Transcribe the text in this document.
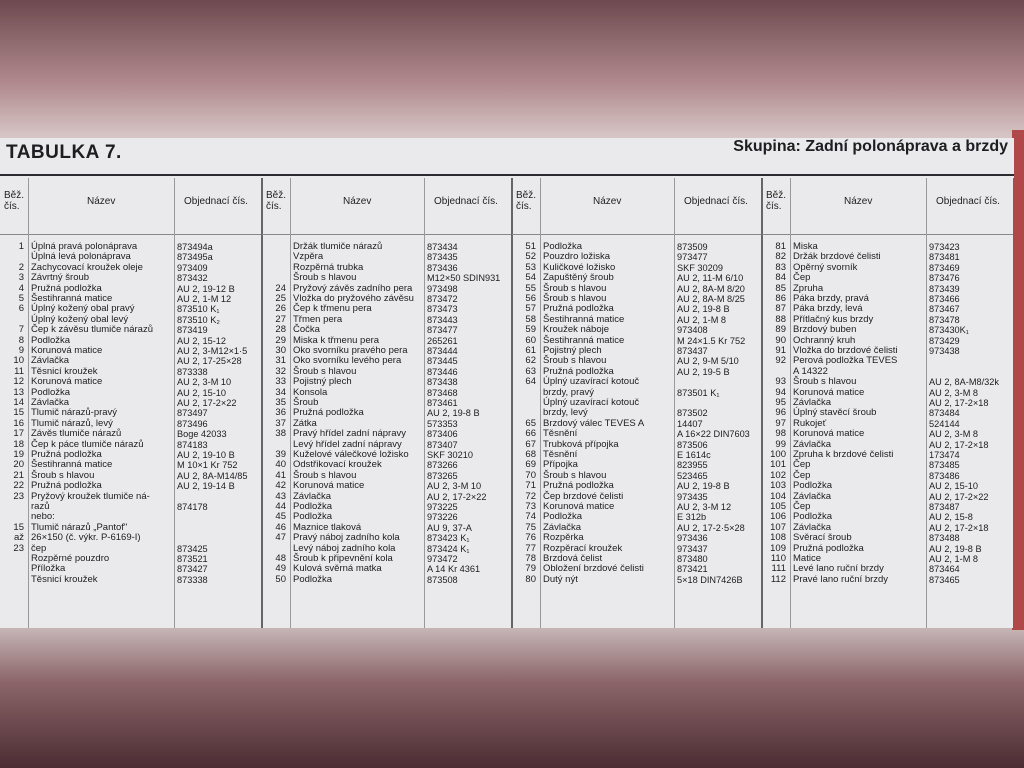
TABULKA 7.	Skupina: Zadní polonáprava a brzdy
Běž. čís.	Název	Objednací čís.
1 Úplná pravá polonáprava	873494a
Úplná levá polonáprava	873495a
2 Zachycovací kroužek oleje	973409
3 Závrtný šroub	873432
4 Pružná podložka	AU 2, 19-12 B
5 Šestihranná matice	AU 2, 1-M 12
6 Úplný kožený obal pravý	873510 K₁
Úplný kožený obal levý	873510 K₂
7 Čep k závěsu tlumiče nárazů	873419
8 Podložka	AU 2, 15-12
9 Korunová matice	AU 2, 3-M12×1·5
10 Závlačka	AU 2, 17-25×28
11 Těsnicí kroužek	873338
12 Korunová matice	AU 2, 3-M 10
13 Podložka	AU 2, 15-10
14 Závlačka	AU 2, 17-2×22
15 Tlumič nárazů-pravý	873497
16 Tlumič nárazů, levý	873496
17 Závěs tlumiče nárazů	Boge 42033
18 Čep k páce tlumiče nárazů	874183
19 Pružná podložka	AU 2, 19-10 B
20 Šestihranná matice	M 10×1 Kr 752
21 Šroub s hlavou	AU 2, 8A-M14/85
22 Pružná podložka	AU 2, 19-14 B
23 Pryžový kroužek tlumiče ná-
razů	874178
nebo:
15 Tlumič nárazů „Pantof"
až 26×150 (č. výkr. P-6169-I)
23 čep	873425
Rozpěrné pouzdro	873521
Příložka	873427
Těsnicí kroužek	873338
Běž. čís.	Název	Objednací čís.
Držák tlumiče nárazů	873434
Vzpěra	873435
Rozpěrná trubka	873436
Šroub s hlavou	M12×50 SDIN931
24 Pryžový závěs zadního pera 973498
25 Vložka do pryžového závěsu 873472
26 Čep k třmenu pera	873473
27 Třmen pera	873443
28 Čočka	873477
29 Miska k třmenu pera	265261
30 Oko svorníku pravého pera 873444
31 Oko svorníku levého pera	873445
32 Šroub s hlavou	873446
33 Pojistný plech	873438
34 Konsola	873468
35 Šroub	873461
36 Pružná podložka	AU 2, 19-8 B
37 Zátka	573353
38 Pravý hřídel zadní nápravy 873406
Levý hřídel zadní nápravy	873407
39 Kuželové válečkové ložisko SKF 30210
40 Odstřikovací kroužek	873266
41 Šroub s hlavou	873265
42 Korunová matice	AU 2, 3-M 10
43 Závlačka	AU 2, 17-2×22
44 Podložka	973225
45 Podložka	973226
46 Maznice tlaková	AU 9, 37-A
47 Pravý náboj zadního kola	873423 K₁
Levý náboj zadního kola	873424 K₁
48 Šroub k připevnění kola	973472
49 Kulová svěrná matka	A 14 Kr 4361
50 Podložka	873508
Běž. čís.	Název	Objednací čís.
51 Podložka	873509
52 Pouzdro ložiska	973477
53 Kuličkové ložisko	SKF 30209
54 Zapuštěný šroub	AU 2, 11-M 6/10
55 Šroub s hlavou	AU 2, 8A-M 8/20
56 Šroub s hlavou	AU 2, 8A-M 8/25
57 Pružná podložka	AU 2, 19-8 B
58 Šestihranná matice	AU 2, 1-M 8
59 Kroužek náboje	973408
60 Šestihranná matice	M 24×1.5 Kr 752
61 Pojistný plech	873437
62 Šroub s hlavou	AU 2, 9-M 5/10
63 Pružná podložka	AU 2, 19-5 B
64 Úplný uzavírací kotouč
brzdy, pravý	873501 K₁
Úplný uzavírací kotouč
brzdy, levý	873502
65 Brzdový válec TEVES A	14407
66 Těsnění	A 16×22 DIN7603
67 Trubková přípojka	873506
68 Těsnění	E 1614c
69 Přípojka	823955
70 Šroub s hlavou	523465
71 Pružná podložka	AU 2, 19-8 B
72 Čep brzdové čelisti	973435
73 Korunová matice	AU 2, 3-M 12
74 Podložka	E 312b
75 Závlačka	AU 2, 17-2·5×28
76 Rozpěrka	973436
77 Rozpěrací kroužek	973437
78 Brzdová čelist	873480
79 Obložení brzdové čelisti	873421
80 Dutý nýt	5×18 DIN7426B
Běž. čís.	Název	Objednací čís.
81 Miska	973423
82 Držák brzdové čelisti	873481
83 Opěrný svorník	873469
84 Čep	873476
85 Zpruha	873439
86 Páka brzdy, pravá	873466
87 Páka brzdy, levá	873467
88 Přítlačný kus brzdy	873478
89 Brzdový buben	873430K₁
90 Ochranný kruh	873429
91 Vložka do brzdové čelisti	973438
92 Perová podložka TEVES
A 14322
93 Šroub s hlavou	AU 2, 8A-M8/32k
94 Korunová matice	AU 2, 3-M 8
95 Závlačka	AU 2, 17-2×18
96 Úplný stavěcí šroub	873484
97 Rukojeť	524144
98 Korunová matice	AU 2, 3-M 8
99 Závlačka	AU 2, 17-2×18
100 Zpruha k brzdové čelisti	173474
101 Čep	873485
102 Čep	873486
103 Podložka	AU 2, 15-10
104 Závlačka	AU 2, 17-2×22
105 Čep	873487
106 Podložka	AU 2, 15-8
107 Závlačka	AU 2, 17-2×18
108 Svěrací šroub	873488
109 Pružná podložka	AU 2, 19-8 B
110 Matice	AU 2, 1-M 8
111 Levé lano ruční brzdy	873464
112 Pravé lano ruční brzdy	873465
